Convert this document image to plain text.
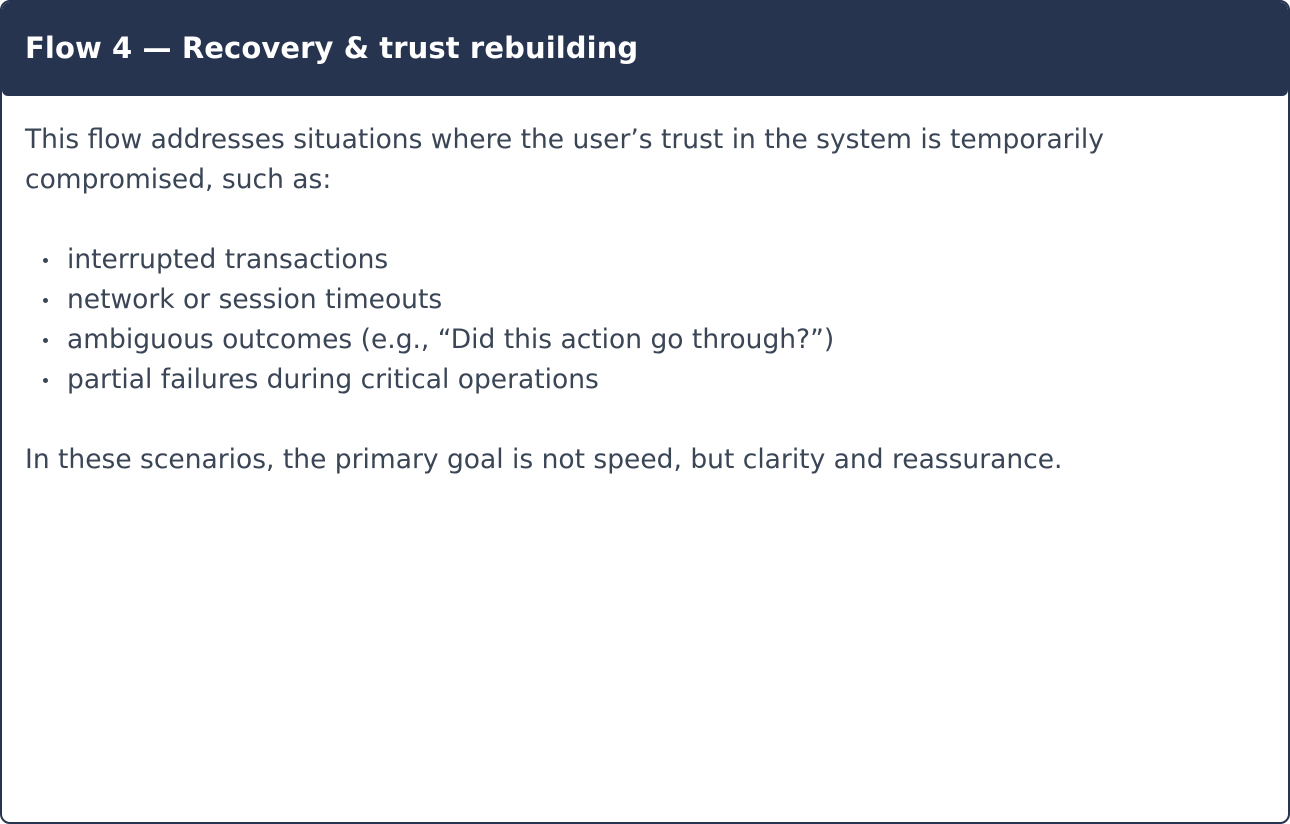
Flow 4 — Recovery & trust rebuilding

This flow addresses situations where the user’s trust in the system is temporarily compromised, such as:

interrupted transactions
network or session timeouts
ambiguous outcomes (e.g., “Did this action go through?”)
partial failures during critical operations

In these scenarios, the primary goal is not speed, but clarity and reassurance.
